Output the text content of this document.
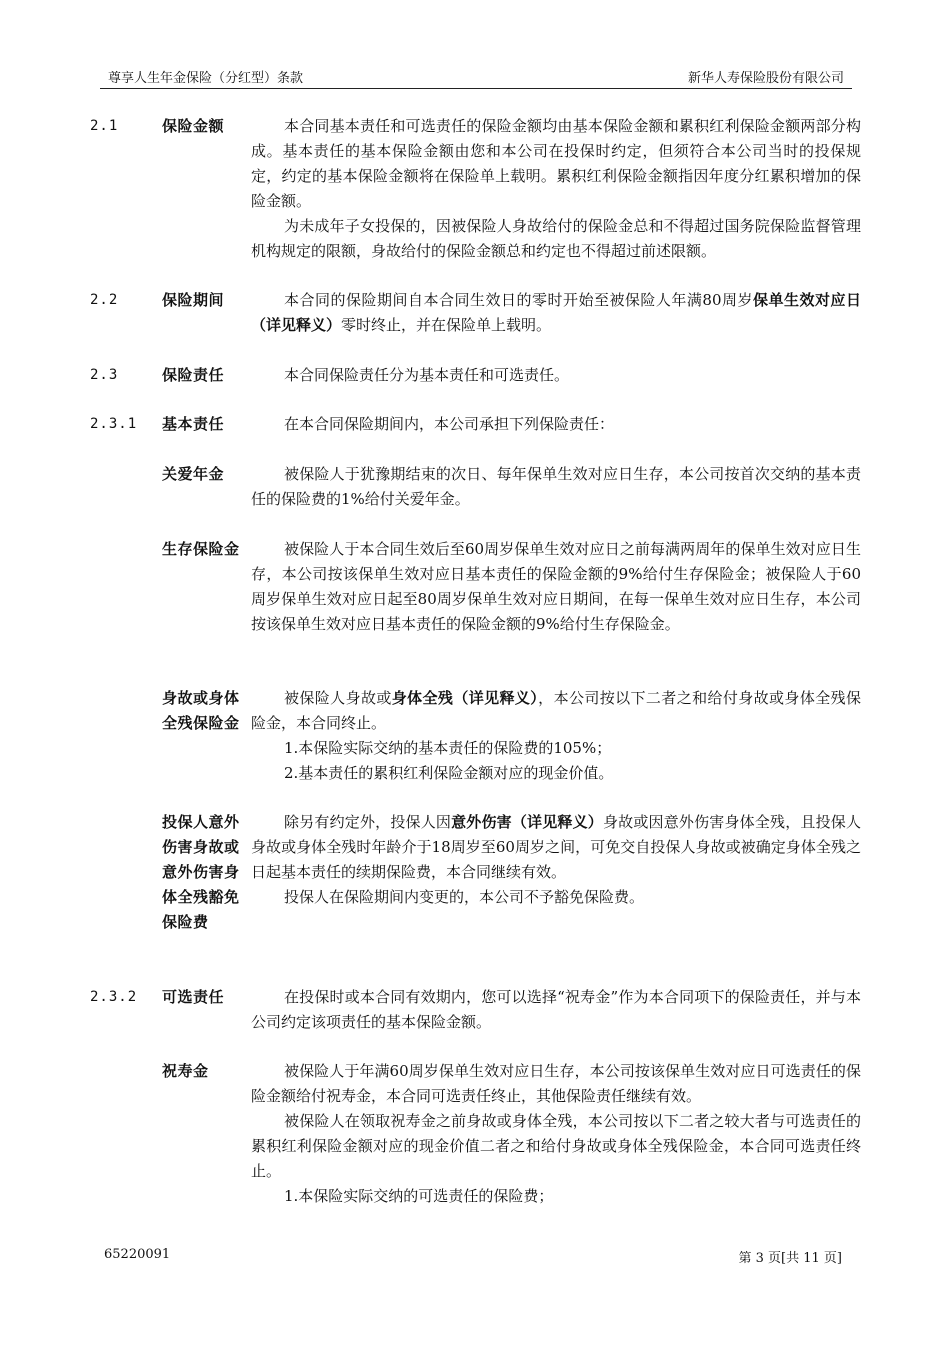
尊享人生年金保险（分红型）条款	新华人寿保险股份有限公司
2.1	保险金额	本合同基本责任和可选责任的保险金额均由基本保险金额和累积红利保险金额两部分构成。基本责任的基本保险金额由您和本公司在投保时约定，但须符合本公司当时的投保规定，约定的基本保险金额将在保险单上载明。累积红利保险金额指因年度分红累积增加的保险金额。

为未成年子女投保的，因被保险人身故给付的保险金总和不得超过国务院保险监督管理机构规定的限额，身故给付的保险金额总和约定也不得超过前述限额。

2.2	保险期间	本合同的保险期间自本合同生效日的零时开始至被保险人年满80周岁保单生效对应日（详见释义）零时终止，并在保险单上载明。

2.3	保险责任	本合同保险责任分为基本责任和可选责任。

2.3.1 基本责任	在本合同保险期间内，本公司承担下列保险责任：

关爱年金	被保险人于犹豫期结束的次日、每年保单生效对应日生存，本公司按首次交纳的基本责任的保险费的1%给付关爱年金。

生存保险金	被保险人于本合同生效后至60周岁保单生效对应日之前每满两周年的保单生效对应日生存，本公司按该保单生效对应日基本责任的保险金额的9%给付生存保险金；被保险人于60周岁保单生效对应日起至80周岁保单生效对应日期间，在每一保单生效对应日生存，本公司按该保单生效对应日基本责任的保险金额的9%给付生存保险金。

身故或身体全残保险金

被保险人身故或身体全残（详见释义），本公司按以下二者之和给付身故或身体全残保险金，本合同终止。

1.本保险实际交纳的基本责任的保险费的105%；

2.基本责任的累积红利保险金额对应的现金价值。

投保人意外伤害身故或意外伤害身体全残豁免保险费

除另有约定外，投保人因意外伤害（详见释义）身故或因意外伤害身体全残，且投保人身故或身体全残时年龄介于18周岁至60周岁之间，可免交自投保人身故或被确定身体全残之日起基本责任的续期保险费，本合同继续有效。

投保人在保险期间内变更的，本公司不予豁免保险费。

2.3.2 可选责任	在投保时或本合同有效期内，您可以选择“祝寿金”作为本合同项下的保险责任，并与本公司约定该项责任的基本保险金额。

祝寿金	被保险人于年满60周岁保单生效对应日生存，本公司按该保单生效对应日可选责任的保险金额给付祝寿金，本合同可选责任终止，其他保险责任继续有效。

被保险人在领取祝寿金之前身故或身体全残，本公司按以下二者之较大者与可选责任的累积红利保险金额对应的现金价值二者之和给付身故或身体全残保险金，本合同可选责任终止。

1.本保险实际交纳的可选责任的保险费；

65220091	第 3 页[共 11 页]
